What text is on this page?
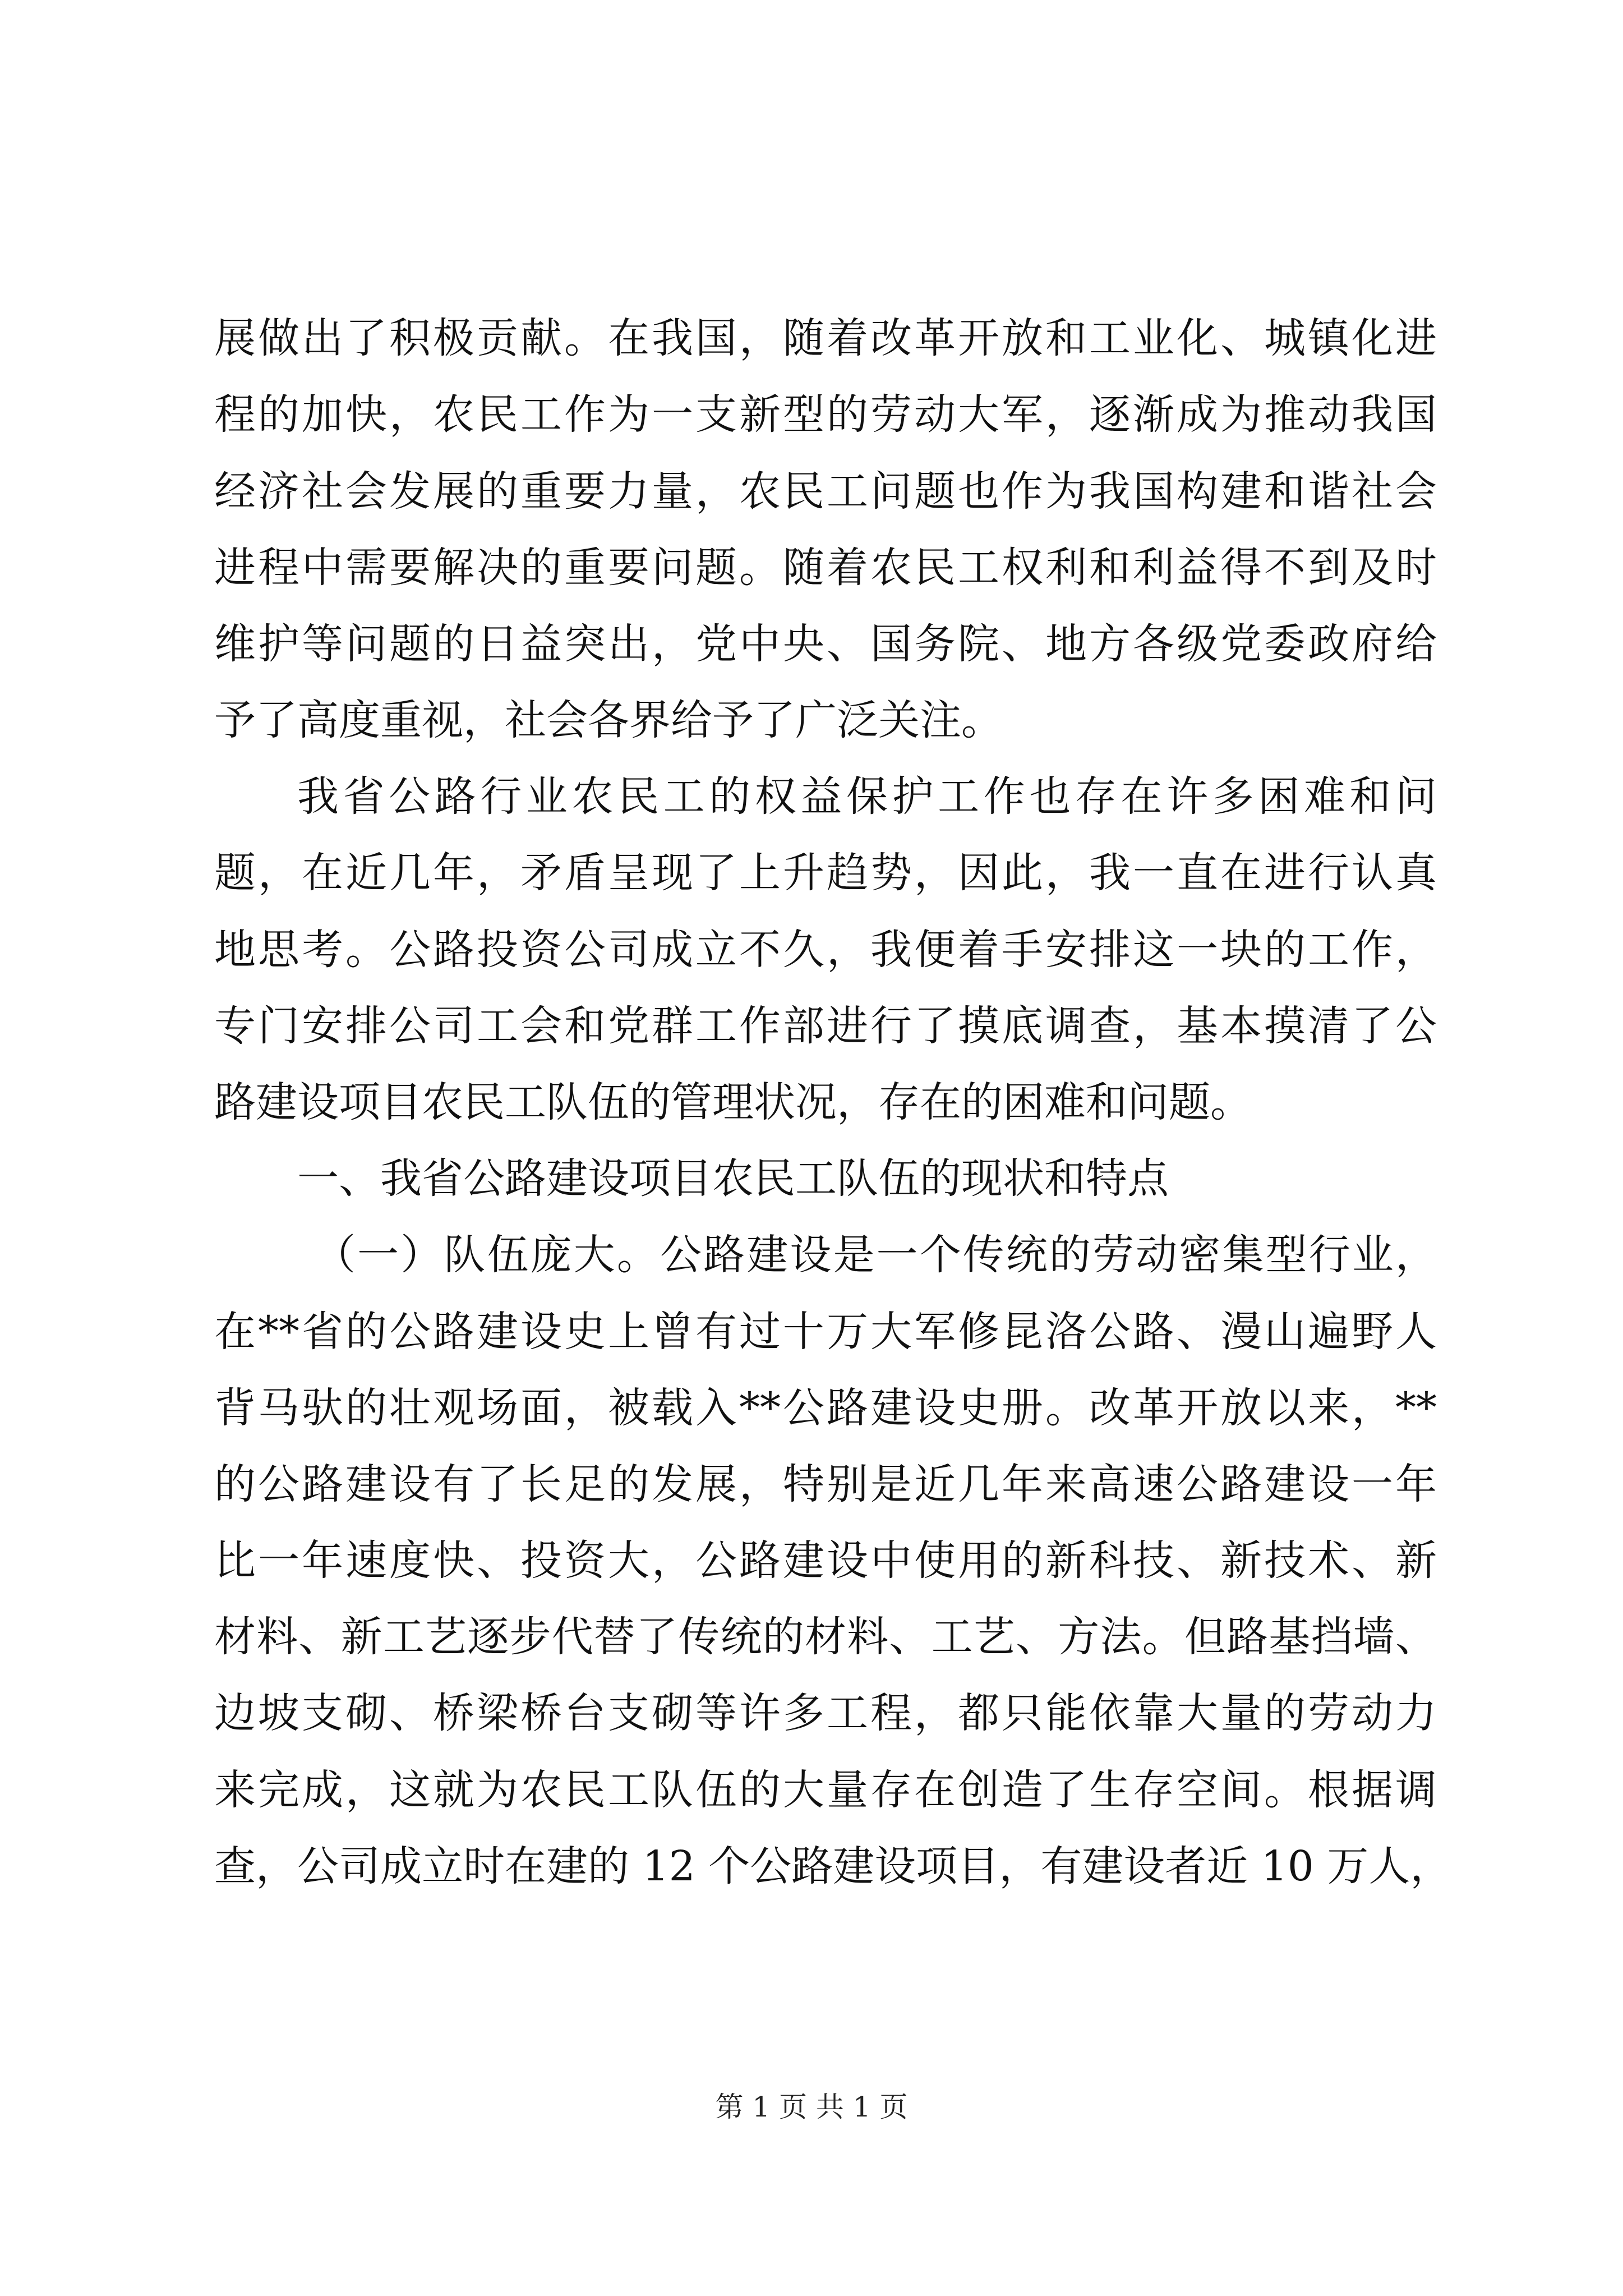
展做出了积极贡献。在我国，随着改革开放和工业化、城镇化进
程的加快，农民工作为一支新型的劳动大军，逐渐成为推动我国
经济社会发展的重要力量，农民工问题也作为我国构建和谐社会
进程中需要解决的重要问题。随着农民工权利和利益得不到及时
维护等问题的日益突出，党中央、国务院、地方各级党委政府给
予了高度重视，社会各界给予了广泛关注。
我省公路行业农民工的权益保护工作也存在许多困难和问
题，在近几年，矛盾呈现了上升趋势，因此，我一直在进行认真
地思考。公路投资公司成立不久，我便着手安排这一块的工作，
专门安排公司工会和党群工作部进行了摸底调查，基本摸清了公
路建设项目农民工队伍的管理状况，存在的困难和问题。
一、我省公路建设项目农民工队伍的现状和特点
（一）队伍庞大。公路建设是一个传统的劳动密集型行业，
在**省的公路建设史上曾有过十万大军修昆洛公路、漫山遍野人
背马驮的壮观场面，被载入**公路建设史册。改革开放以来，**
的公路建设有了长足的发展，特别是近几年来高速公路建设一年
比一年速度快、投资大，公路建设中使用的新科技、新技术、新
材料、新工艺逐步代替了传统的材料、工艺、方法。但路基挡墙、
边坡支砌、桥梁桥台支砌等许多工程，都只能依靠大量的劳动力
来完成，这就为农民工队伍的大量存在创造了生存空间。根据调
查，公司成立时在建的 12 个公路建设项目，有建设者近 10 万人，
第 1 页 共 1 页
